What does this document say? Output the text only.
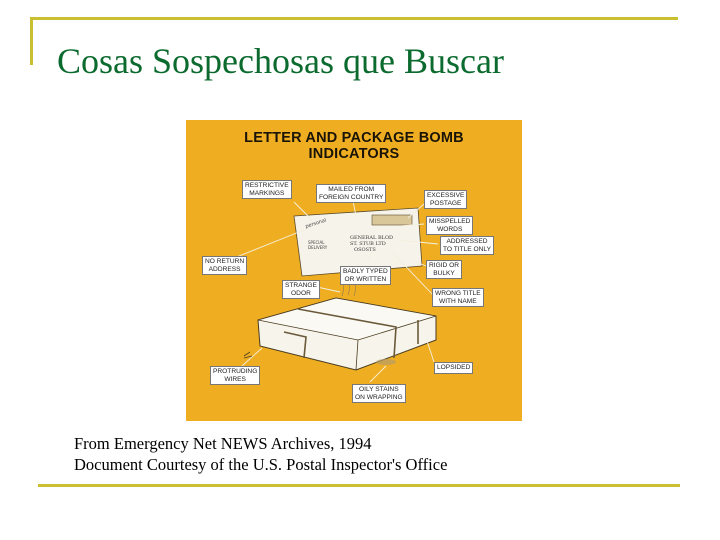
Cosas Sospechosas que Buscar
personal
SPECIAL
DELIVERY
GENERAL BLOD
ST. STUB LTD
OSOSTS
LETTER AND PACKAGE BOMB
INDICATORS
RESTRICTIVE
MARKINGS	MAILED FROM
FOREIGN COUNTRY	EXCESSIVE
POSTAGE
MISSPELLED
WORDS
ADDRESSED
TO TITLE ONLY
NO RETURN
ADDRESS	RIGID OR
BULKY
BADLY TYPED
OR WRITTEN
STRANGE
ODOR	WRONG TITLE
WITH NAME
PROTRUDING
WIRES
LOPSIDED
OILY STAINS
ON WRAPPING
From Emergency Net NEWS Archives, 1994
Document Courtesy of the U.S. Postal Inspector's Office
